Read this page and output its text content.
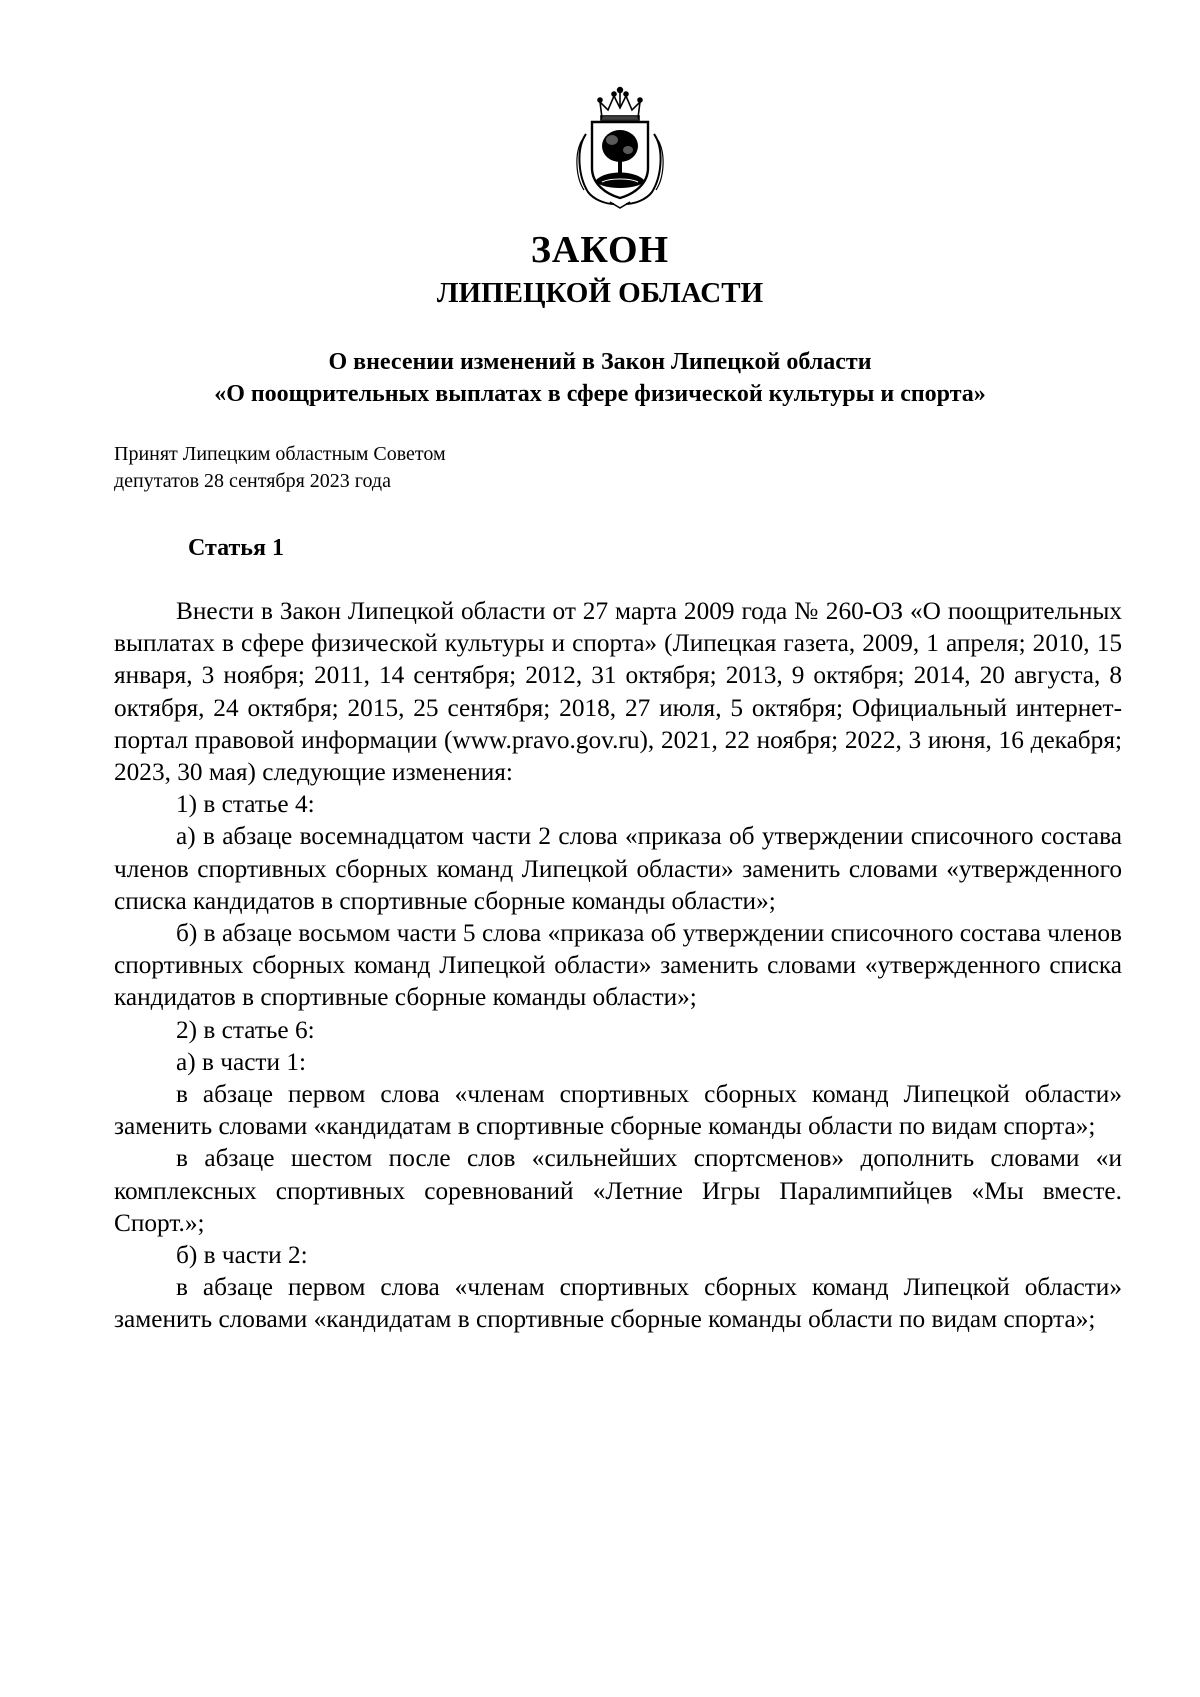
ЗАКОН
ЛИПЕЦКОЙ ОБЛАСТИ
О внесении изменений в Закон Липецкой области
«О поощрительных выплатах в сфере физической культуры и спорта»
Принят Липецким областным Советом
депутатов 28 сентября 2023 года
Статья 1

Внести в Закон Липецкой области от 27 марта 2009 года № 260-ОЗ «О поощрительных выплатах в сфере физической культуры и спорта» (Липецкая газета, 2009, 1 апреля; 2010, 15 января, 3 ноября; 2011, 14 сентября; 2012, 31 октября; 2013, 9 октября; 2014, 20 августа, 8 октября, 24 октября; 2015, 25 сентября; 2018, 27 июля, 5 октября; Официальный интернет-портал правовой информации (www.pravo.gov.ru), 2021, 22 ноября; 2022, 3 июня, 16 декабря; 2023, 30 мая) следующие изменения:

1) в статье 4:

а) в абзаце восемнадцатом части 2 слова «приказа об утверждении списочного состава членов спортивных сборных команд Липецкой области» заменить словами «утвержденного списка кандидатов в спортивные сборные команды области»;

б) в абзаце восьмом части 5 слова «приказа об утверждении списочного состава членов спортивных сборных команд Липецкой области» заменить словами «утвержденного списка кандидатов в спортивные сборные команды области»;

2) в статье 6:

а) в части 1:

в абзаце первом слова «членам спортивных сборных команд Липецкой области» заменить словами «кандидатам в спортивные сборные команды области по видам спорта»;

в абзаце шестом после слов «сильнейших спортсменов» дополнить словами «и комплексных спортивных соревнований «Летние Игры Паралимпийцев «Мы вместе. Спорт.»;

б) в части 2:

в абзаце первом слова «членам спортивных сборных команд Липецкой области» заменить словами «кандидатам в спортивные сборные команды области по видам спорта»;
